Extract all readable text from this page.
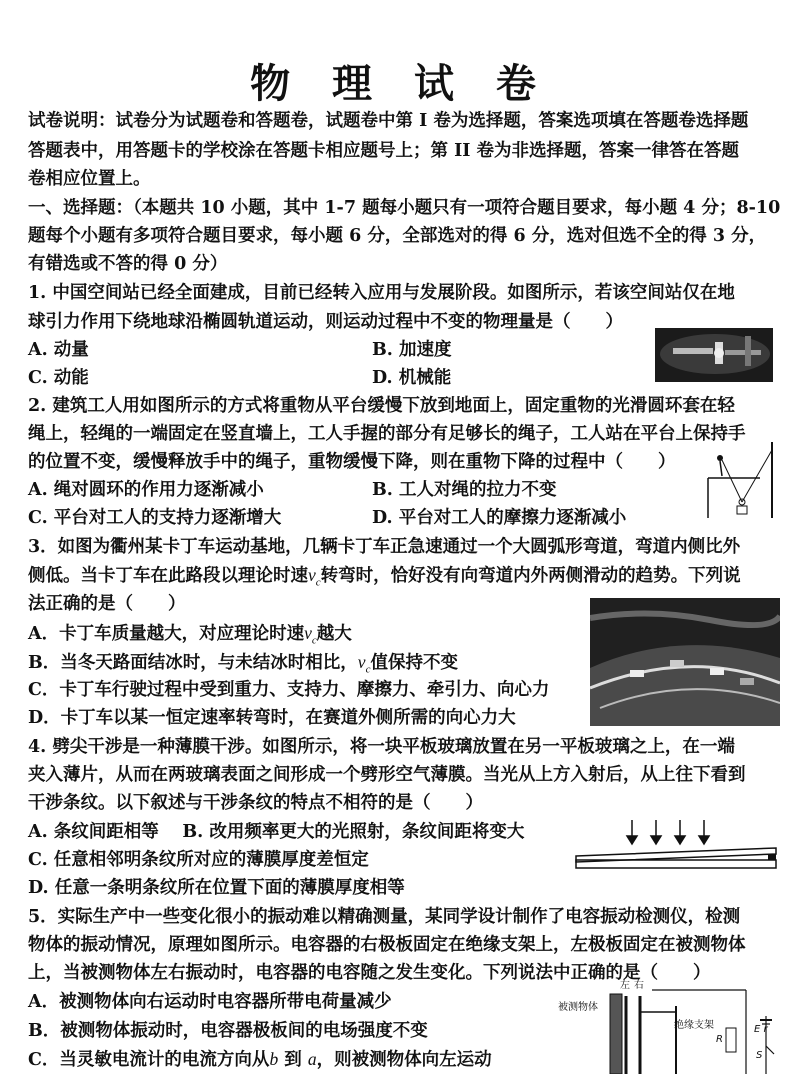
物 理 试 卷
试卷说明：试卷分为试题卷和答题卷，试题卷中第 I 卷为选择题，答案选项填在答题卷选择题
答题表中，用答题卡的学校涂在答题卡相应题号上；第 II 卷为非选择题，答案一律答在答题
卷相应位置上。
一、选择题：（本题共 10 小题，其中 1-7 题每小题只有一项符合题目要求，每小题 4 分；8-10
题每个小题有多项符合题目要求，每小题 6 分，全部选对的得 6 分，选对但选不全的得 3 分，
有错选或不答的得 0 分）
1. 中国空间站已经全面建成，目前已经转入应用与发展阶段。如图所示，若该空间站仅在地
球引力作用下绕地球沿椭圆轨道运动，则运动过程中不变的物理量是（　　）
A. 动量	B. 加速度
C. 动能	D. 机械能
2. 建筑工人用如图所示的方式将重物从平台缓慢下放到地面上，固定重物的光滑圆环套在轻
绳上，轻绳的一端固定在竖直墙上，工人手握的部分有足够长的绳子，工人站在平台上保持手
的位置不变，缓慢释放手中的绳子，重物缓慢下降，则在重物下降的过程中（　　）
A. 绳对圆环的作用力逐渐减小	B. 工人对绳的拉力不变
C. 平台对工人的支持力逐渐增大	D. 平台对工人的摩擦力逐渐减小
3．如图为衢州某卡丁车运动基地，几辆卡丁车正急速通过一个大圆弧形弯道，弯道内侧比外
侧低。当卡丁车在此路段以理论时速$v_c$转弯时，恰好没有向弯道内外两侧滑动的趋势。下列说
法正确的是（　　）
A．卡丁车质量越大，对应理论时速$v_c$越大
B．当冬天路面结冰时，与未结冰时相比，$v_c$值保持不变
C．卡丁车行驶过程中受到重力、支持力、摩擦力、牵引力、向心力
D．卡丁车以某一恒定速率转弯时，在赛道外侧所需的向心力大
4. 劈尖干涉是一种薄膜干涉。如图所示，将一块平板玻璃放置在另一平板玻璃之上，在一端
夹入薄片，从而在两玻璃表面之间形成一个劈形空气薄膜。当光从上方入射后，从上往下看到
干涉条纹。以下叙述与干涉条纹的特点不相符的是（　　）
A. 条纹间距相等　 B. 改用频率更大的光照射，条纹间距将变大
C. 任意相邻明条纹所对应的薄膜厚度差恒定
D. 任意一条明条纹所在位置下面的薄膜厚度相等
5．实际生产中一些变化很小的振动难以精确测量，某同学设计制作了电容振动检测仪，检测
物体的振动情况，原理如图所示。电容器的右极板固定在绝缘支架上，左极板固定在被测物体
上，当被测物体左右振动时，电容器的电容随之发生变化。下列说法中正确的是（　　）
A．被测物体向右运动时电容器所带电荷量减少
B．被测物体振动时，电容器极板间的电场强度不变
C．当灵敏电流计的电流方向从b 到 a，则被测物体向左运动
左 右
被测物体
绝缘支架
R
E r
S
